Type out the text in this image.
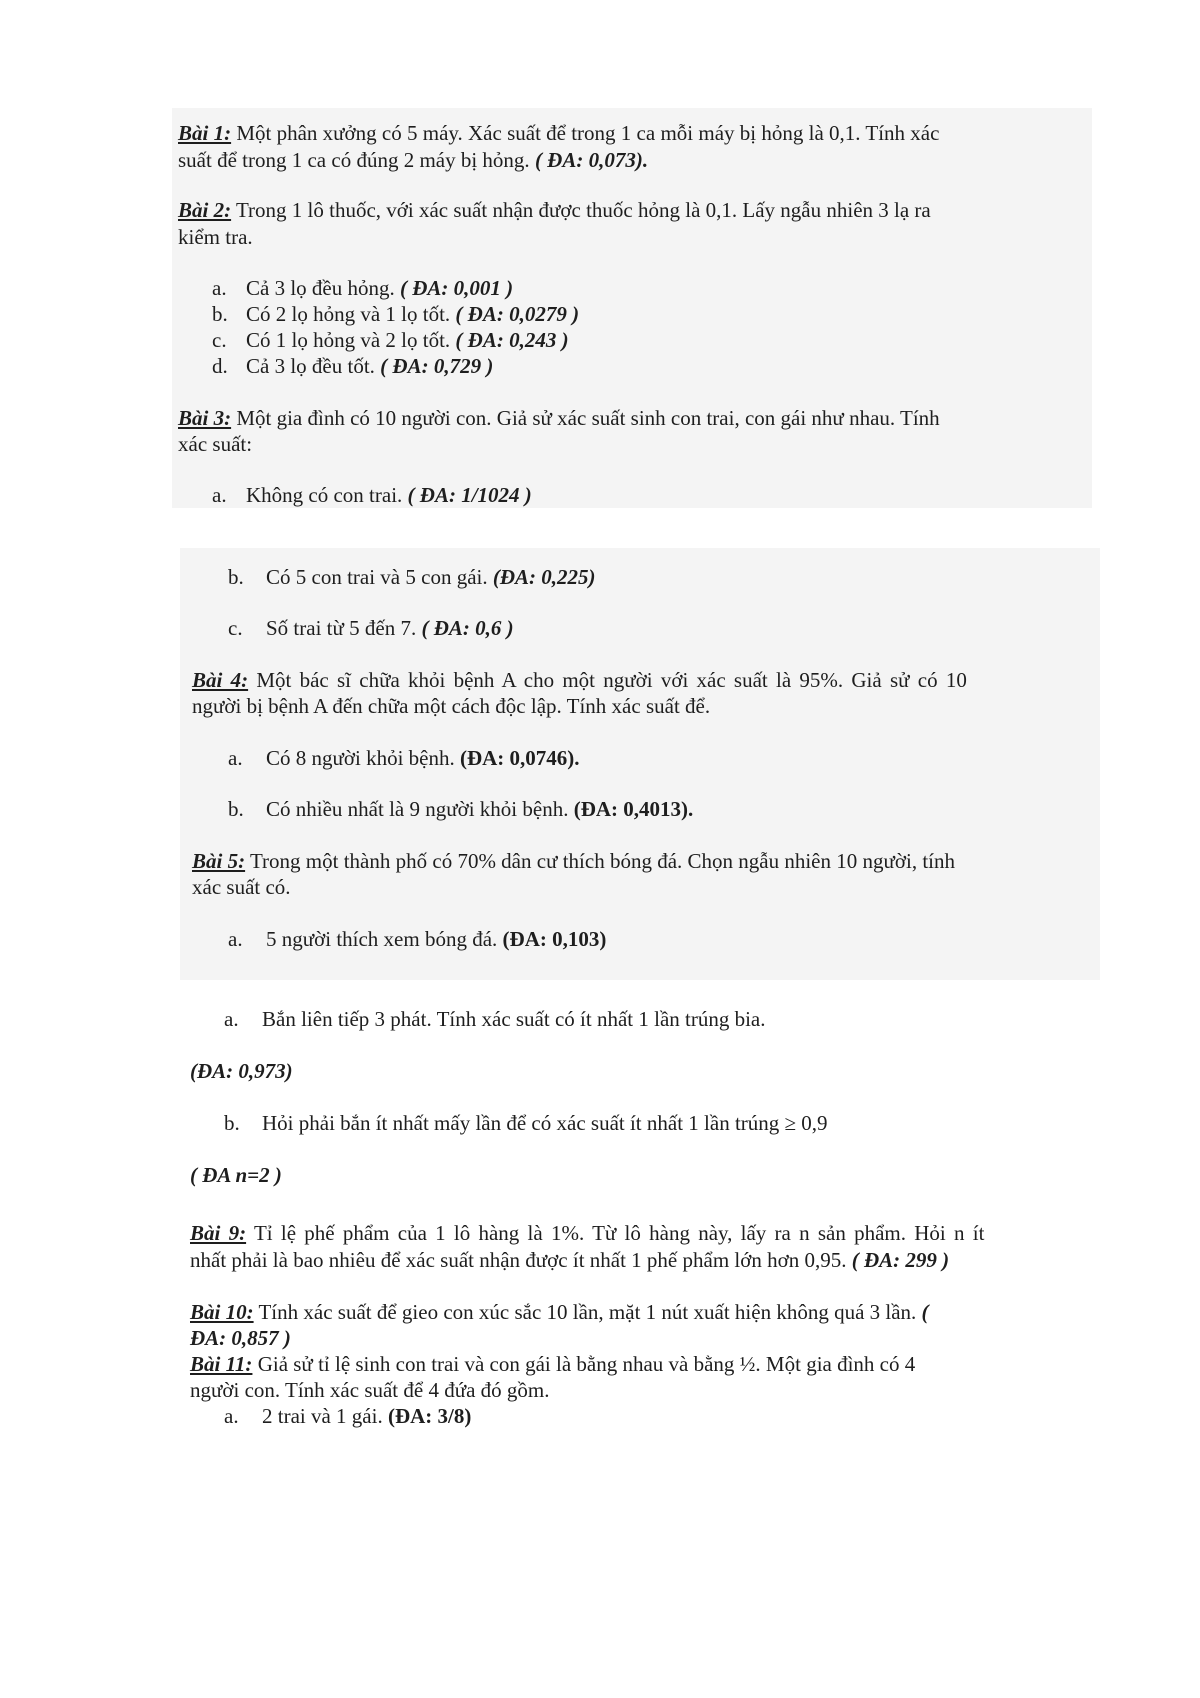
Bài 1: Một phân xưởng có 5 máy. Xác suất để trong 1 ca mỗi máy bị hỏng là 0,1. Tính xác
suất để trong 1 ca có đúng 2 máy bị hỏng. ( ĐA: 0,073).
Bài 2: Trong 1 lô thuốc, với xác suất nhận được thuốc hỏng là 0,1. Lấy ngẫu nhiên 3 lạ ra
kiểm tra.
a. Cả 3 lọ đều hỏng. ( ĐA: 0,001 )
b. Có 2 lọ hỏng và 1 lọ tốt. ( ĐA: 0,0279 )
c. Có 1 lọ hỏng và 2 lọ tốt. ( ĐA: 0,243 )
d. Cả 3 lọ đều tốt. ( ĐA: 0,729 )
Bài 3: Một gia đình có 10 người con. Giả sử xác suất sinh con trai, con gái như nhau. Tính
xác suất:
a. Không có con trai. ( ĐA: 1/1024 )
b. Có 5 con trai và 5 con gái. (ĐA: 0,225)
c. Số trai từ 5 đến 7. ( ĐA: 0,6 )
Bài 4: Một bác sĩ chữa khỏi bệnh A cho một người với xác suất là 95%. Giả sử có 10
người bị bệnh A đến chữa một cách độc lập. Tính xác suất để.
a. Có 8 người khỏi bệnh. (ĐA: 0,0746).
b. Có nhiều nhất là 9 người khỏi bệnh. (ĐA: 0,4013).
Bài 5: Trong một thành phố có 70% dân cư thích bóng đá. Chọn ngẫu nhiên 10 người, tính
xác suất có.
a. 5 người thích xem bóng đá. (ĐA: 0,103)
a. Bắn liên tiếp 3 phát. Tính xác suất có ít nhất 1 lần trúng bia.
(ĐA: 0,973)
b. Hỏi phải bắn ít nhất mấy lần để có xác suất ít nhất 1 lần trúng ≥ 0,9
( ĐA n=2 )
Bài 9: Tỉ lệ phế phẩm của 1 lô hàng là 1%. Từ lô hàng này, lấy ra n sản phẩm. Hỏi n ít
nhất phải là bao nhiêu để xác suất nhận được ít nhất 1 phế phẩm lớn hơn 0,95. ( ĐA: 299 )
Bài 10: Tính xác suất để gieo con xúc sắc 10 lần, mặt 1 nút xuất hiện không quá 3 lần. (
ĐA: 0,857 )
Bài 11: Giả sử tỉ lệ sinh con trai và con gái là bằng nhau và bằng ½. Một gia đình có 4
người con. Tính xác suất để 4 đứa đó gồm.
a. 2 trai và 1 gái. (ĐA: 3/8)
